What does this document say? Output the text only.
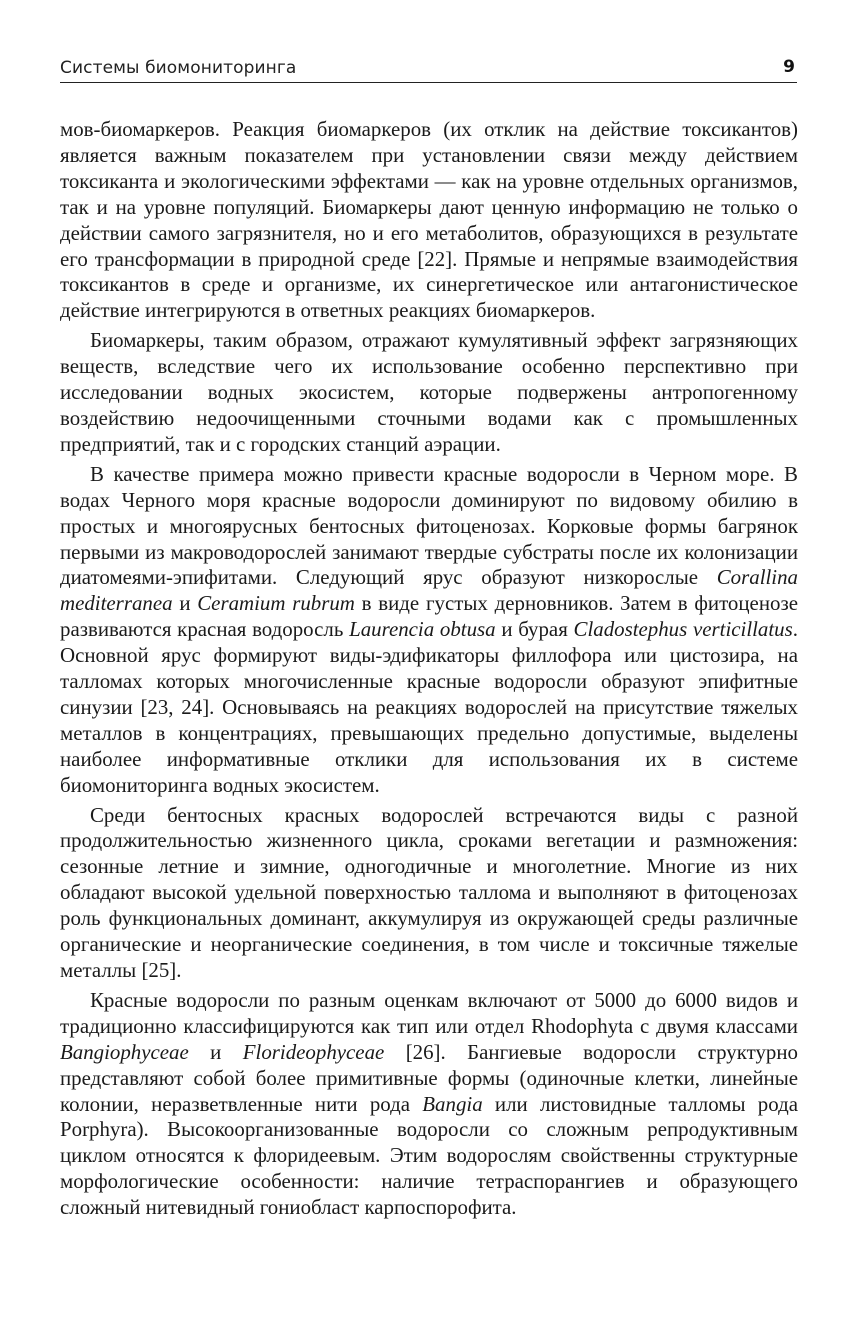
Системы биомониторинга	9

мов-биомаркеров. Реакция биомаркеров (их отклик на действие токсикантов) является важным показателем при установлении связи между действием токсиканта и экологическими эффектами — как на уровне отдельных организмов, так и на уровне популяций. Биомаркеры дают ценную информацию не только о действии самого загрязнителя, но и его метаболитов, образующихся в результате его трансформации в природной среде [22]. Прямые и непрямые взаимодействия токсикантов в среде и организме, их синергетическое или антагонистическое действие интегрируются в ответных реакциях биомаркеров.

Биомаркеры, таким образом, отражают кумулятивный эффект загрязняющих веществ, вследствие чего их использование особенно перспективно при исследовании водных экосистем, которые подвержены антропогенному воздействию недоочищенными сточными водами как с промышленных предприятий, так и с городских станций аэрации.

В качестве примера можно привести красные водоросли в Черном море. В водах Черного моря красные водоросли доминируют по видовому обилию в простых и многоярусных бентосных фитоценозах. Корковые формы багрянок первыми из макроводорослей занимают твердые субстраты после их колонизации диатомеями-эпифитами. Следующий ярус образуют низкорослые Corallina mediterranea и Ceramium rubrum в виде густых дерновников. Затем в фитоценозе развиваются красная водоросль Laurencia obtusa и бурая Cladostephus verticillatus. Основной ярус формируют виды-эдификаторы филлофора или цистозира, на талломах которых многочисленные красные водоросли образуют эпифитные синузии [23, 24]. Основываясь на реакциях водорослей на присутствие тяжелых металлов в концентрациях, превышающих предельно допустимые, выделены наиболее информативные отклики для использования их в системе биомониторинга водных экосистем.

Среди бентосных красных водорослей встречаются виды с разной продолжительностью жизненного цикла, сроками вегетации и размножения: сезонные летние и зимние, одногодичные и многолетние. Многие из них обладают высокой удельной поверхностью таллома и выполняют в фитоценозах роль функциональных доминант, аккумулируя из окружающей среды различные органические и неорганические соединения, в том числе и токсичные тяжелые металлы [25].

Красные водоросли по разным оценкам включают от 5000 до 6000 видов и традиционно классифицируются как тип или отдел Rhodophyta с двумя классами Bangiophyceae и Florideophyceae [26]. Бангиевые водоросли структурно представляют собой более примитивные формы (одиночные клетки, линейные колонии, неразветвленные нити рода Bangia или листовидные талломы рода Porphyra). Высокоорганизованные водоросли со сложным репродуктивным циклом относятся к флоридеевым. Этим водорослям свойственны структурные морфологические особенности: наличие тетраспорангиев и образующего сложный нитевидный гониобласт карпоспорофита.
